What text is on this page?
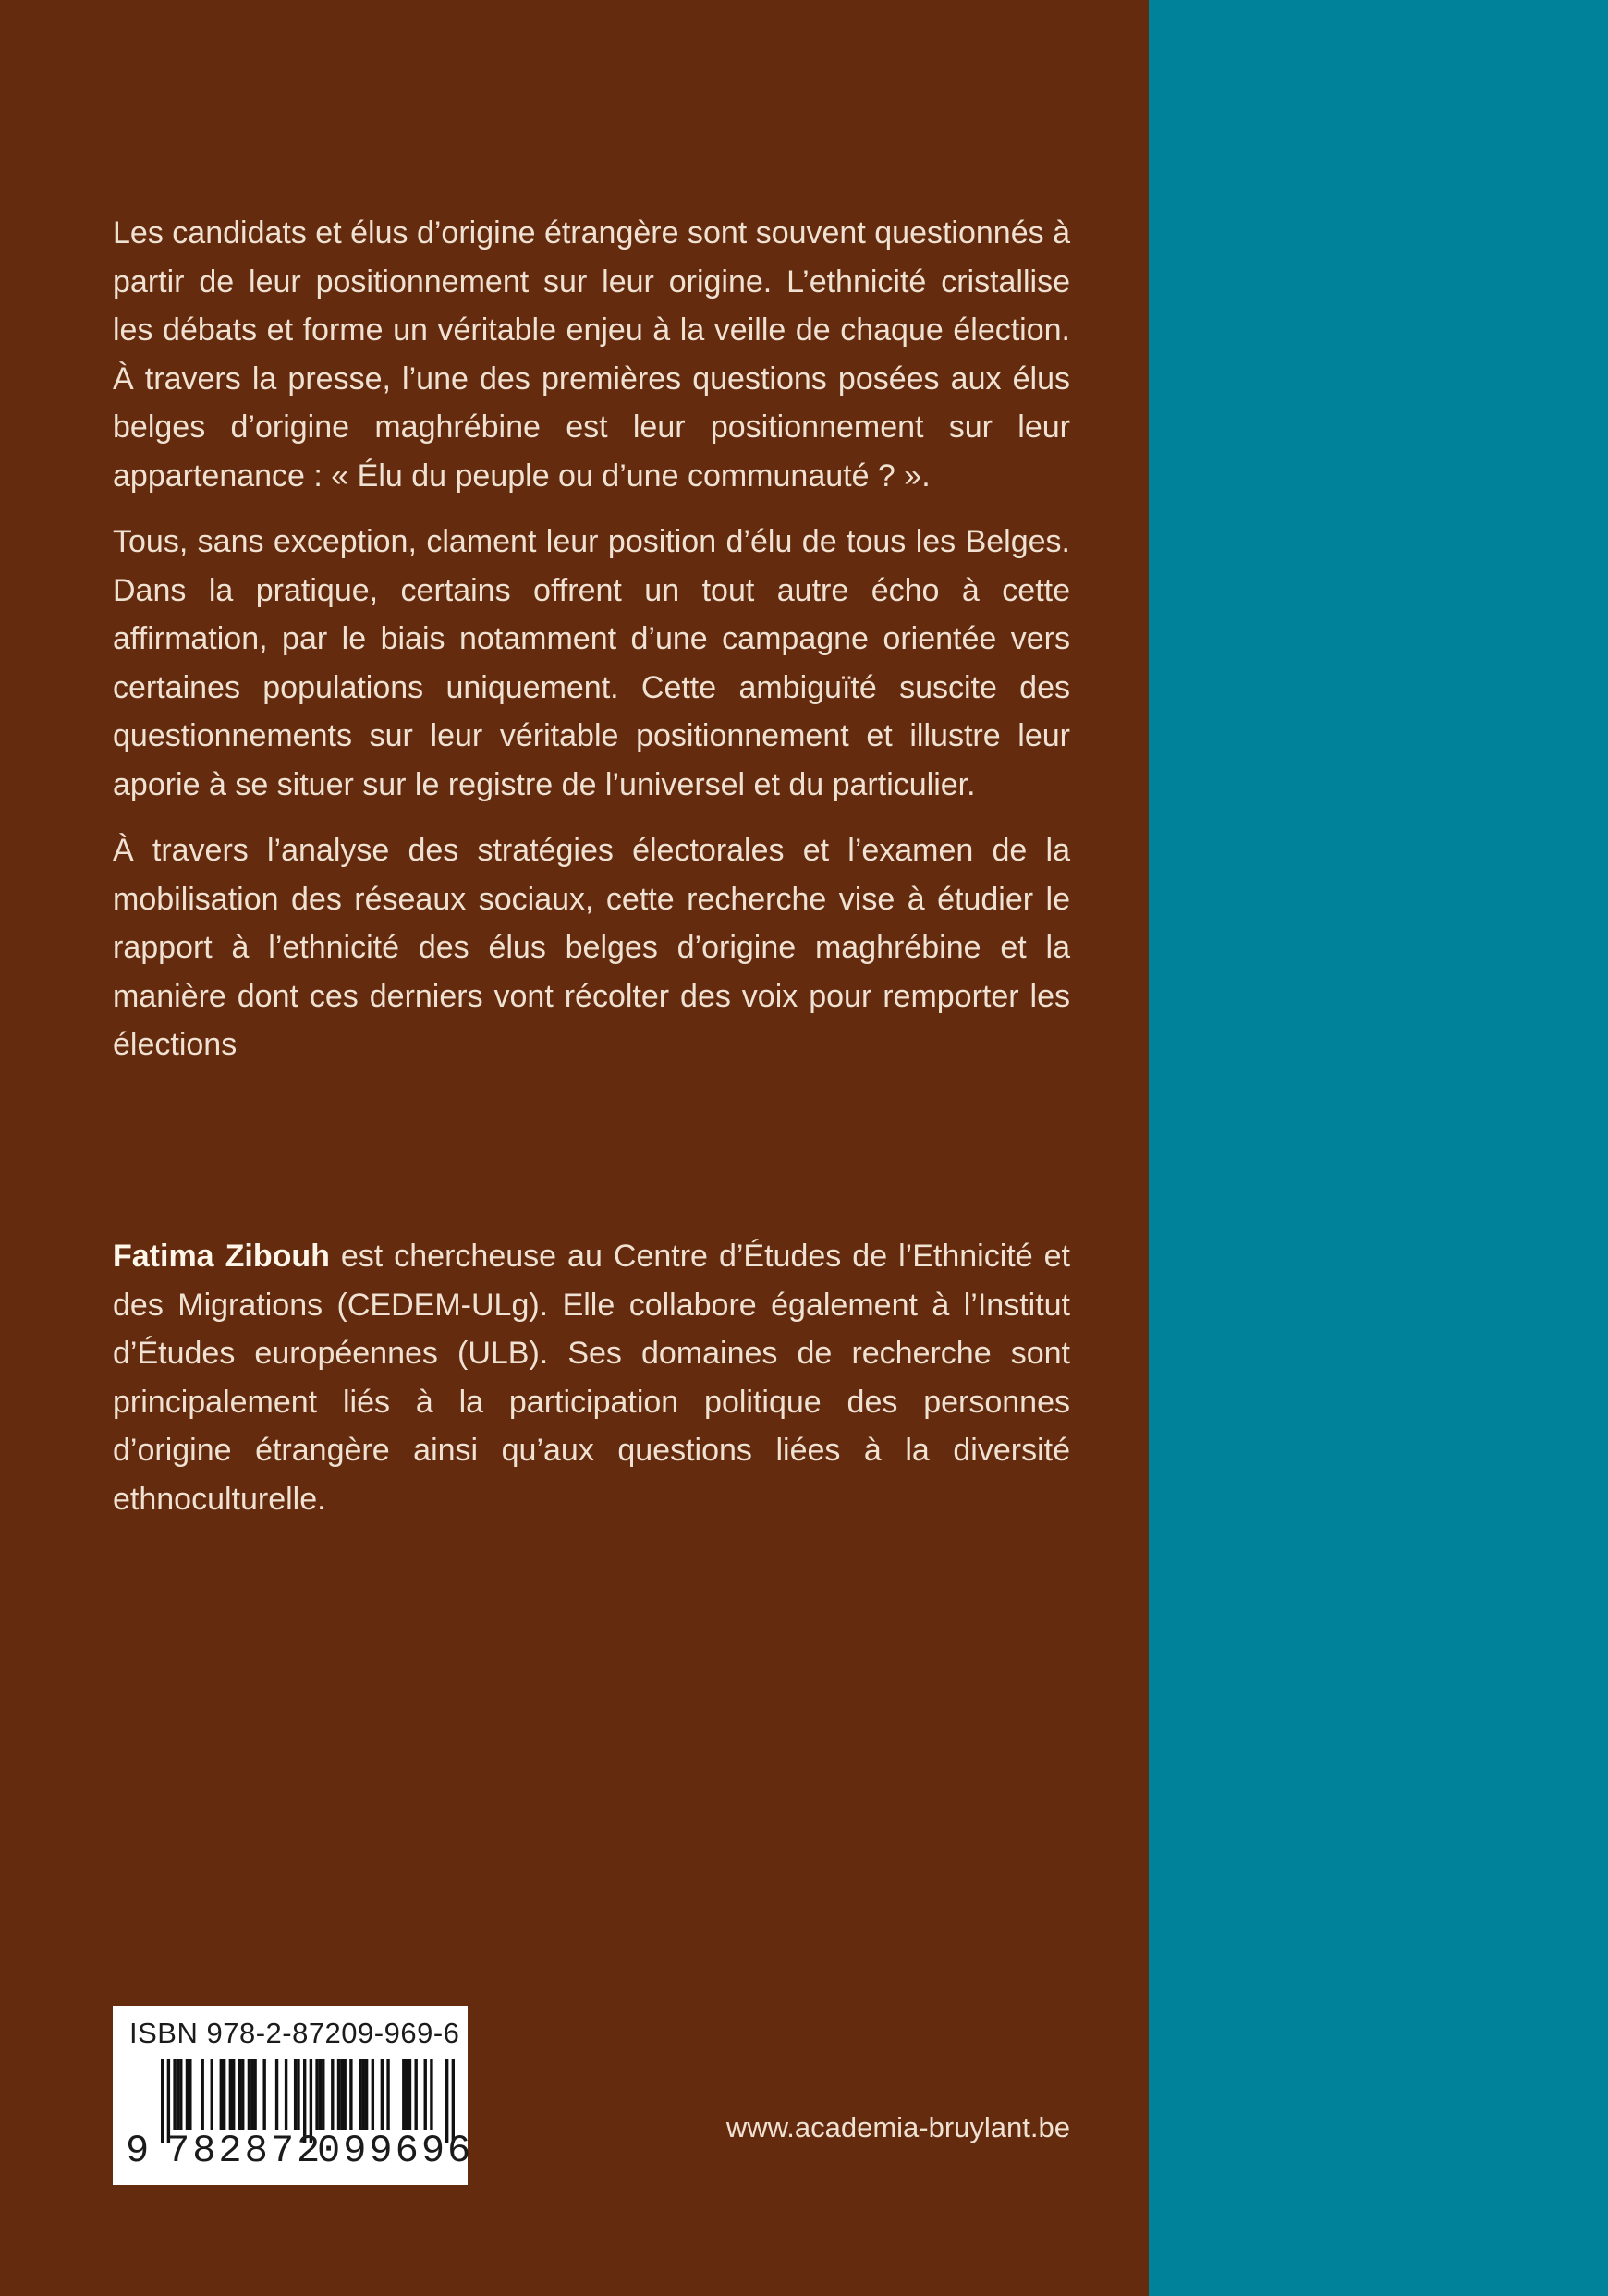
Les candidats et élus d’origine étrangère sont souvent questionnés à partir de leur positionnement sur leur origine. L’ethnicité cristallise les débats et forme un véritable enjeu à la veille de chaque élection. À travers la presse, l’une des premières questions posées aux élus belges d’origine maghrébine est leur positionnement sur leur appartenance : « Élu du peuple ou d’une communauté ? ».

Tous, sans exception, clament leur position d’élu de tous les Belges. Dans la pratique, certains offrent un tout autre écho à cette affirmation, par le biais notamment d’une campagne orientée vers certaines populations uniquement. Cette ambiguïté suscite des questionnements sur leur véritable positionnement et illustre leur aporie à se situer sur le registre de l’universel et du particulier.

À travers l’analyse des stratégies électorales et l’examen de la mobilisation des réseaux sociaux, cette recherche vise à étudier le rapport à l’ethnicité des élus belges d’origine maghrébine et la manière dont ces derniers vont récolter des voix pour remporter les élections

Fatima Zibouh est chercheuse au Centre d’Études de l’Ethnicité et des Migrations (CEDEM-ULg). Elle collabore également à l’Institut d’Études européennes (ULB). Ses domaines de recherche sont principalement liés à la participation politique des personnes d’origine étrangère ainsi qu’aux questions liées à la diversité ethnoculturelle.

ISBN 978-2-87209-969-6
9 782872
099696
www.academia-bruylant.be
